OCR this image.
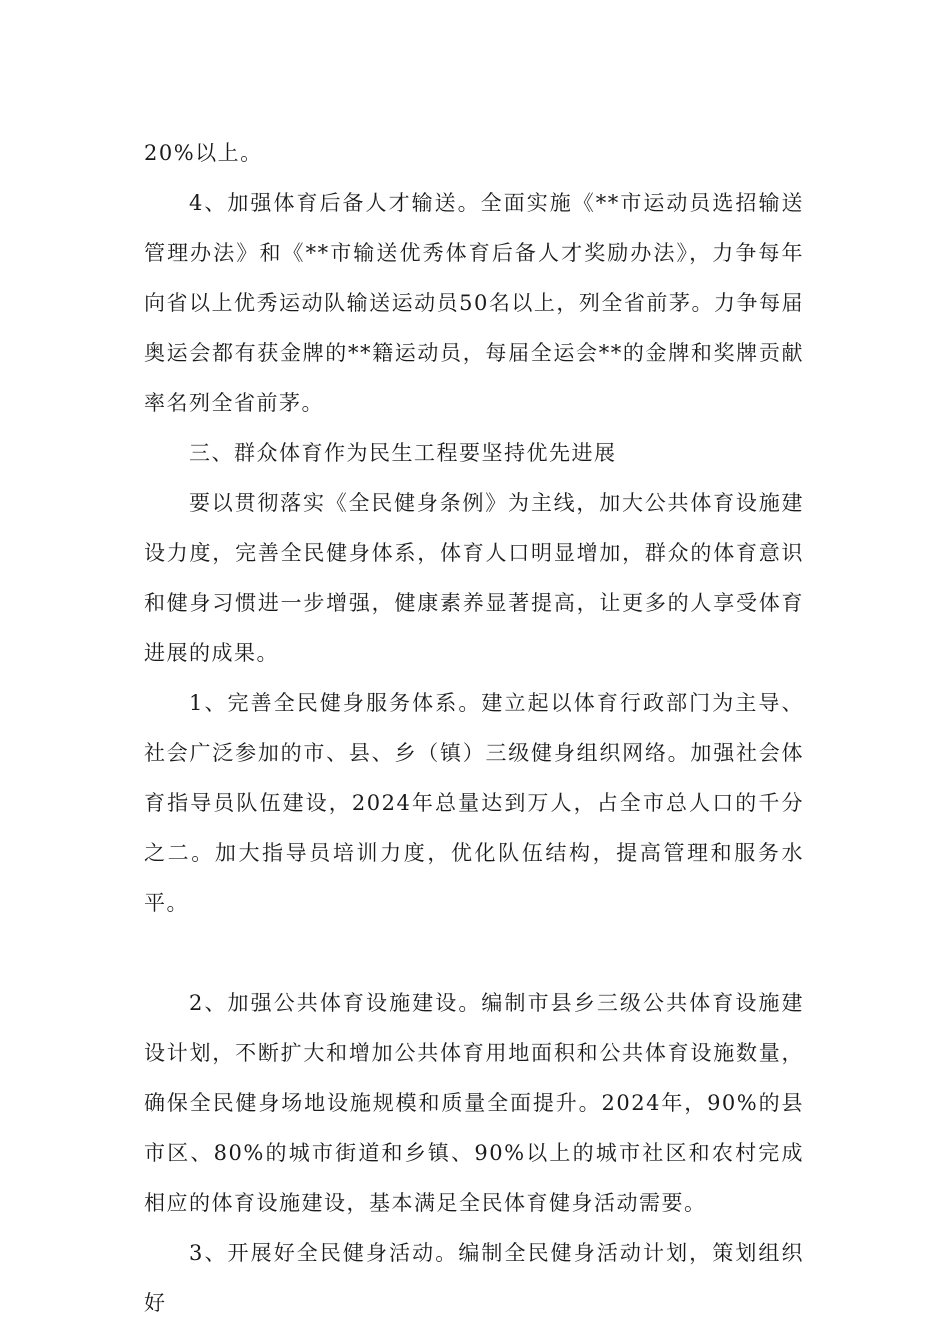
20%以上。

4、加强体育后备人才输送。全面实施《**市运动员选招输送管理办法》和《**市输送优秀体育后备人才奖励办法》，力争每年向省以上优秀运动队输送运动员50名以上，列全省前茅。力争每届奥运会都有获金牌的**籍运动员，每届全运会**的金牌和奖牌贡献率名列全省前茅。

三、群众体育作为民生工程要坚持优先进展

要以贯彻落实《全民健身条例》为主线，加大公共体育设施建设力度，完善全民健身体系，体育人口明显增加，群众的体育意识和健身习惯进一步增强，健康素养显著提高，让更多的人享受体育进展的成果。

1、完善全民健身服务体系。建立起以体育行政部门为主导、社会广泛参加的市、县、乡（镇）三级健身组织网络。加强社会体育指导员队伍建设，2024年总量达到万人，占全市总人口的千分之二。加大指导员培训力度，优化队伍结构，提高管理和服务水平。

2、加强公共体育设施建设。编制市县乡三级公共体育设施建设计划，不断扩大和增加公共体育用地面积和公共体育设施数量，确保全民健身场地设施规模和质量全面提升。2024年，90%的县市区、80%的城市街道和乡镇、90%以上的城市社区和农村完成相应的体育设施建设，基本满足全民体育健身活动需要。

3、开展好全民健身活动。编制全民健身活动计划，策划组织好
